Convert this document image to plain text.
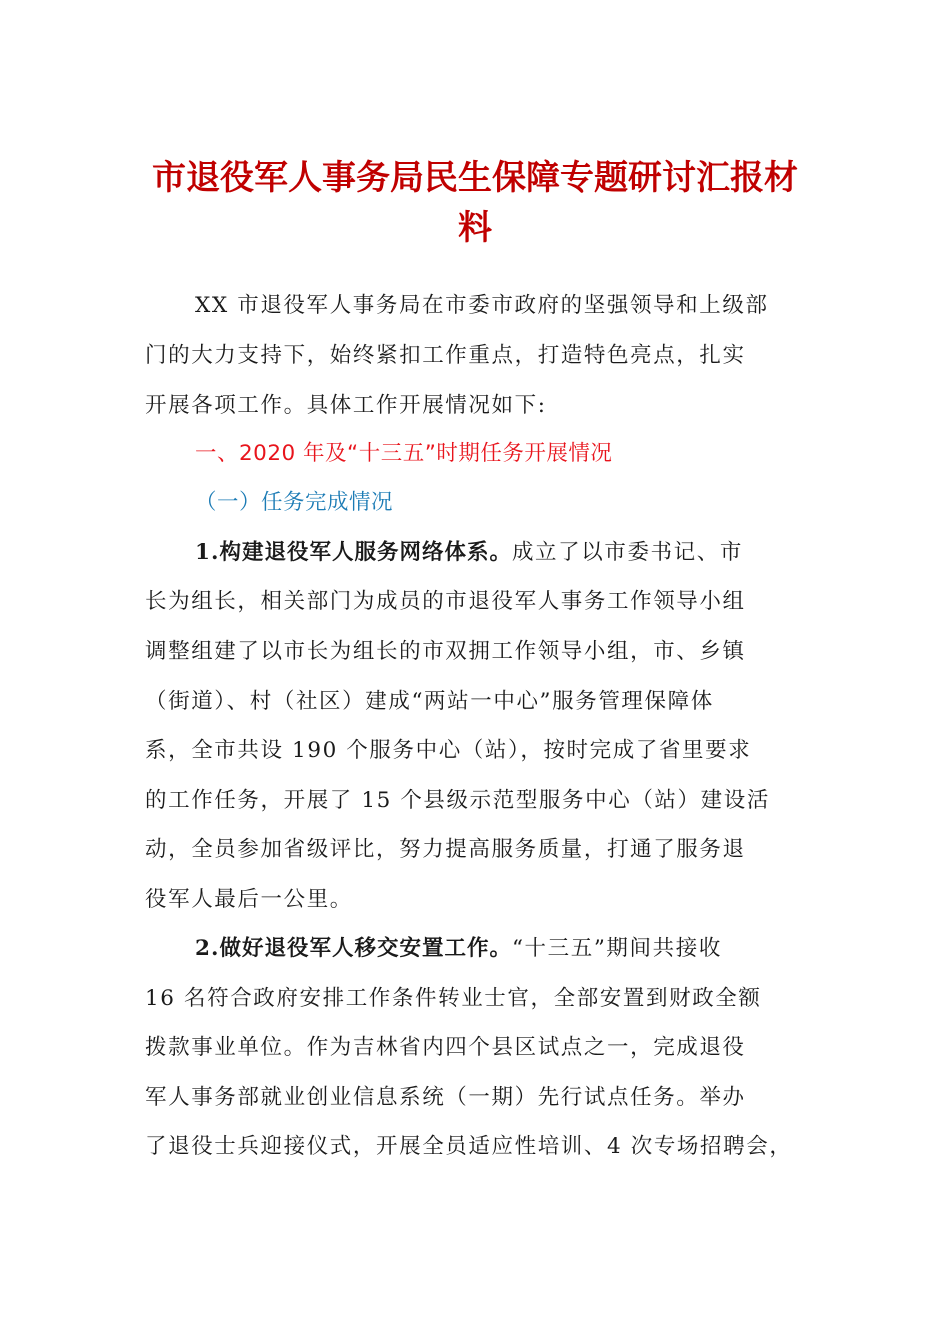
市退役军人事务局民生保障专题研讨汇报材
料

XX 市退役军人事务局在市委市政府的坚强领导和上级部

门的大力支持下，始终紧扣工作重点，打造特色亮点，扎实

开展各项工作。具体工作开展情况如下:

一、2020 年及“十三五”时期任务开展情况

（一）任务完成情况

1.构建退役军人服务网络体系。成立了以市委书记、市

长为组长，相关部门为成员的市退役军人事务工作领导小组

调整组建了以市长为组长的市双拥工作领导小组，市、乡镇

（街道）、村（社区）建成“两站一中心”服务管理保障体

系，全市共设 190 个服务中心（站），按时完成了省里要求

的工作任务，开展了 15 个县级示范型服务中心（站）建设活

动，全员参加省级评比，努力提高服务质量，打通了服务退

役军人最后一公里。

2.做好退役军人移交安置工作。“十三五”期间共接收

16 名符合政府安排工作条件转业士官，全部安置到财政全额

拨款事业单位。作为吉林省内四个县区试点之一，完成退役

军人事务部就业创业信息系统（一期）先行试点任务。举办

了退役士兵迎接仪式，开展全员适应性培训、4 次专场招聘会，
